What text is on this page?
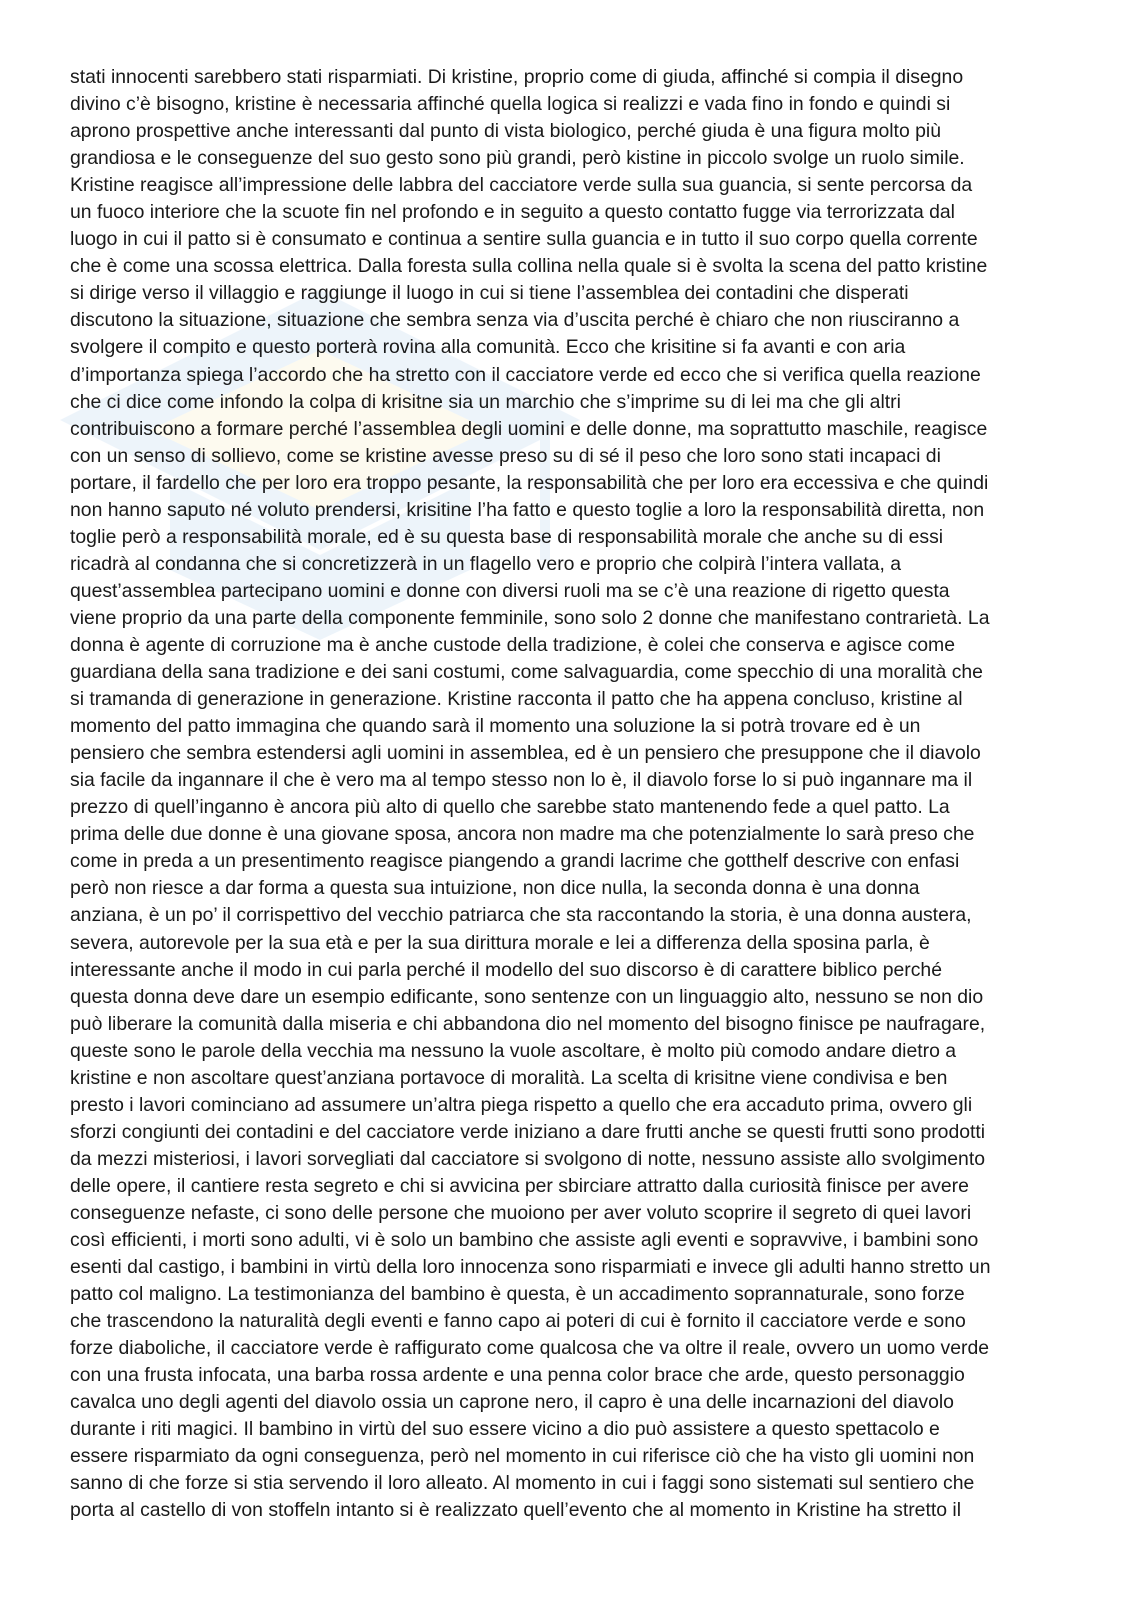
stati innocenti sarebbero stati risparmiati. Di kristine, proprio come di giuda, affinché si compia il disegno
divino c’è bisogno, kristine è necessaria affinché quella logica si realizzi e vada fino in fondo e quindi si
aprono prospettive anche interessanti dal punto di vista biologico, perché giuda è una figura molto più
grandiosa e le conseguenze del suo gesto sono più grandi, però kistine in piccolo svolge un ruolo simile.
Kristine reagisce all’impressione delle labbra del cacciatore verde sulla sua guancia, si sente percorsa da
un fuoco interiore che la scuote fin nel profondo e in seguito a questo contatto fugge via terrorizzata dal
luogo in cui il patto si è consumato e continua a sentire sulla guancia e in tutto il suo corpo quella corrente
che è come una scossa elettrica. Dalla foresta sulla collina nella quale si è svolta la scena del patto kristine
si dirige verso il villaggio e raggiunge il luogo in cui si tiene l’assemblea dei contadini che disperati
discutono la situazione, situazione che sembra senza via d’uscita perché è chiaro che non riusciranno a
svolgere il compito e questo porterà rovina alla comunità. Ecco che krisitine si fa avanti e con aria
d’importanza spiega l’accordo che ha stretto con il cacciatore verde ed ecco che si verifica quella reazione
che ci dice come infondo la colpa di krisitne sia un marchio che s’imprime su di lei ma che gli altri
contribuiscono a formare perché l’assemblea degli uomini e delle donne, ma soprattutto maschile, reagisce
con un senso di sollievo, come se kristine avesse preso su di sé il peso che loro sono stati incapaci di
portare, il fardello che per loro era troppo pesante, la responsabilità che per loro era eccessiva e che quindi
non hanno saputo né voluto prendersi, krisitine l’ha fatto e questo toglie a loro la responsabilità diretta, non
toglie però a responsabilità morale, ed è su questa base di responsabilità morale che anche su di essi
ricadrà al condanna che si concretizzerà in un flagello vero e proprio che colpirà l’intera vallata, a
quest’assemblea partecipano uomini e donne con diversi ruoli ma se c’è una reazione di rigetto questa
viene proprio da una parte della componente femminile, sono solo 2 donne che manifestano contrarietà. La
donna è agente di corruzione ma è anche custode della tradizione, è colei che conserva e agisce come
guardiana della sana tradizione e dei sani costumi, come salvaguardia, come specchio di una moralità che
si tramanda di generazione in generazione. Kristine racconta il patto che ha appena concluso, kristine al
momento del patto immagina che quando sarà il momento una soluzione la si potrà trovare ed è un
pensiero che sembra estendersi agli uomini in assemblea, ed è un pensiero che presuppone che il diavolo
sia facile da ingannare il che è vero ma al tempo stesso non lo è, il diavolo forse lo si può ingannare ma il
prezzo di quell’inganno è ancora più alto di quello che sarebbe stato mantenendo fede a quel patto. La
prima delle due donne è una giovane sposa, ancora non madre ma che potenzialmente lo sarà preso che
come in preda a un presentimento reagisce piangendo a grandi lacrime che gotthelf descrive con enfasi
però non riesce a dar forma a questa sua intuizione, non dice nulla, la seconda donna è una donna
anziana, è un po’ il corrispettivo del vecchio patriarca che sta raccontando la storia, è una donna austera,
severa, autorevole per la sua età e per la sua dirittura morale e lei a differenza della sposina parla, è
interessante anche il modo in cui parla perché il modello del suo discorso è di carattere biblico perché
questa donna deve dare un esempio edificante, sono sentenze con un linguaggio alto, nessuno se non dio
può liberare la comunità dalla miseria e chi abbandona dio nel momento del bisogno finisce pe naufragare,
queste sono le parole della vecchia ma nessuno la vuole ascoltare, è molto più comodo andare dietro a
kristine e non ascoltare quest’anziana portavoce di moralità. La scelta di krisitne viene condivisa e ben
presto i lavori cominciano ad assumere un’altra piega rispetto a quello che era accaduto prima, ovvero gli
sforzi congiunti dei contadini e del cacciatore verde iniziano a dare frutti anche se questi frutti sono prodotti
da mezzi misteriosi, i lavori sorvegliati dal cacciatore si svolgono di notte, nessuno assiste allo svolgimento
delle opere, il cantiere resta segreto e chi si avvicina per sbirciare attratto dalla curiosità finisce per avere
conseguenze nefaste, ci sono delle persone che muoiono per aver voluto scoprire il segreto di quei lavori
così efficienti, i morti sono adulti, vi è solo un bambino che assiste agli eventi e sopravvive, i bambini sono
esenti dal castigo, i bambini in virtù della loro innocenza sono risparmiati e invece gli adulti hanno stretto un
patto col maligno. La testimonianza del bambino è questa, è un accadimento soprannaturale, sono forze
che trascendono la naturalità degli eventi e fanno capo ai poteri di cui è fornito il cacciatore verde e sono
forze diaboliche, il cacciatore verde è raffigurato come qualcosa che va oltre il reale, ovvero un uomo verde
con una frusta infocata, una barba rossa ardente e una penna color brace che arde, questo personaggio
cavalca uno degli agenti del diavolo ossia un caprone nero, il capro è una delle incarnazioni del diavolo
durante i riti magici. Il bambino in virtù del suo essere vicino a dio può assistere a questo spettacolo e
essere risparmiato da ogni conseguenza, però nel momento in cui riferisce ciò che ha visto gli uomini non
sanno di che forze si stia servendo il loro alleato. Al momento in cui i faggi sono sistemati sul sentiero che
porta al castello di von stoffeln intanto si è realizzato quell’evento che al momento in Kristine ha stretto il
